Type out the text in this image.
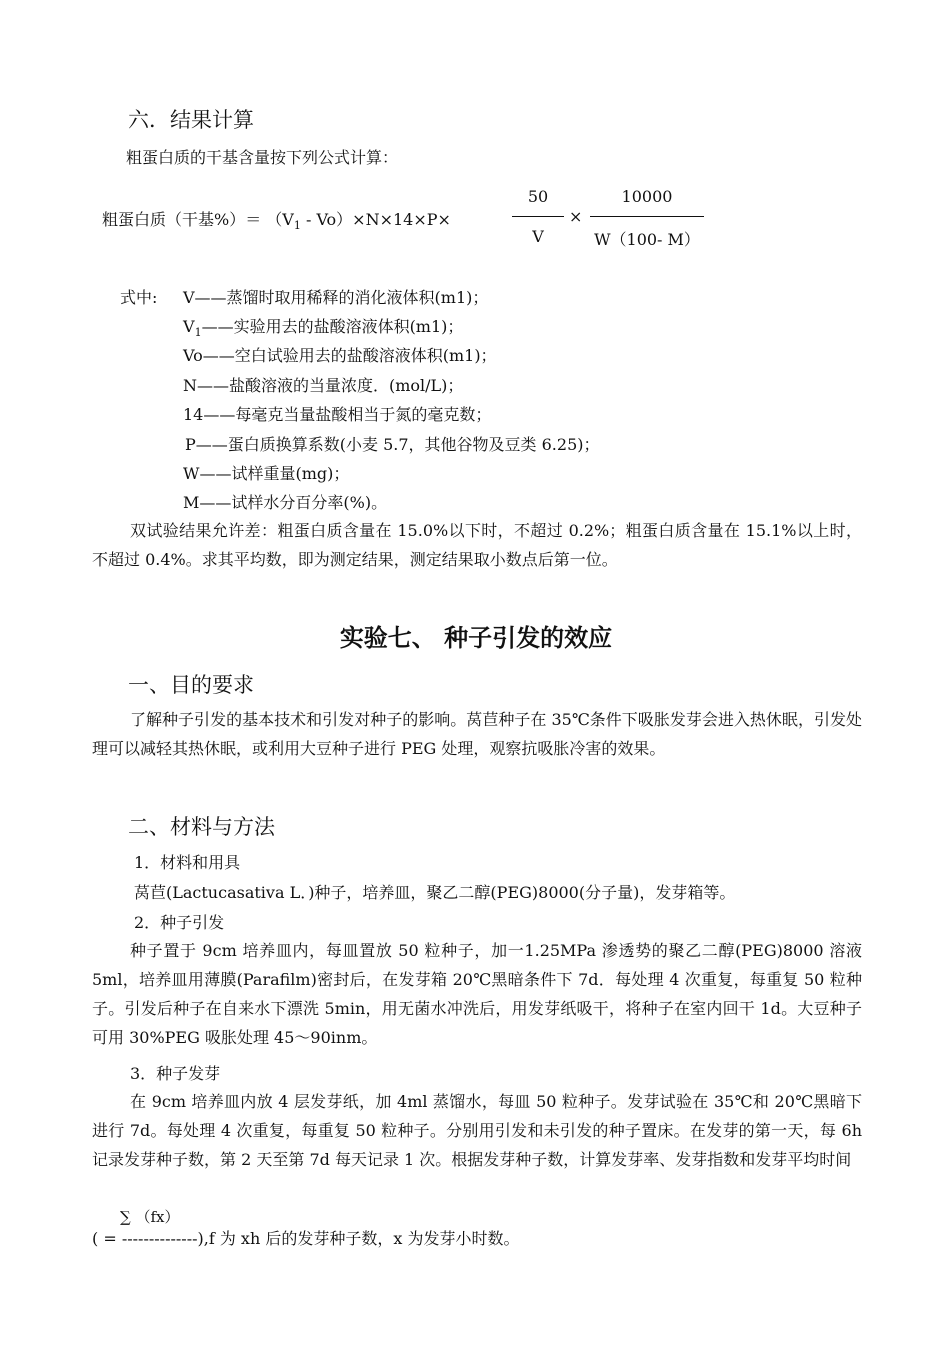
六．结果计算
粗蛋白质的干基含量按下列公式计算：
粗蛋白质（干基%）＝ $(V_1 - Vo)\times N\times 14\times P\times$
50
V
×
10000
W（100- M）
式中: V——蒸馏时取用稀释的消化液体积(m1)；
$V_1——$实验用去的盐酸溶液体积(m1)；
Vo——空白试验用去的盐酸溶液体积(m1)；
N——盐酸溶液的当量浓度．(mol/L)；
14——每毫克当量盐酸相当于氮的毫克数；
P——蛋白质换算系数(小麦 5.7，其他谷物及豆类 6.25)；
W——试样重量(mg)；
M——试样水分百分率(%)。
双试验结果允许差：粗蛋白质含量在 15.0%以下时，不超过 0.2%；粗蛋白质含量在 15.1%以上时，不超过 0.4%。求其平均数，即为测定结果，测定结果取小数点后第一位。
实验七、 种子引发的效应
一、目的要求
了解种子引发的基本技术和引发对种子的影响。莴苣种子在 35℃条件下吸胀发芽会进入热休眠，引发处理可以减轻其热休眠，或利用大豆种子进行 PEG 处理，观察抗吸胀冷害的效果。
二、材料与方法
1．材料和用具
莴苣(Lactucasativa L．)种子，培养皿，聚乙二醇(PEG)8000(分子量)，发芽箱等。
2．种子引发
种子置于 9cm 培养皿内，每皿置放 50 粒种子，加一1.25MPa 渗透势的聚乙二醇(PEG)8000 溶液 5ml，培养皿用薄膜(Parafilm)密封后，在发芽箱 20℃黑暗条件下 7d．每处理 4 次重复，每重复 50 粒种子。引发后种子在自来水下漂洗 5min，用无菌水冲洗后，用发芽纸吸干，将种子在室内回干 1d。大豆种子可用 30%PEG 吸胀处理 45～90inm。
3．种子发芽
在 9cm 培养皿内放 4 层发芽纸，加 4ml 蒸馏水，每皿 50 粒种子。发芽试验在 35℃和 20℃黑暗下进行 7d。每处理 4 次重复，每重复 50 粒种子。分别用引发和未引发的种子置床。在发芽的第一天，每 6h 记录发芽种子数，第 2 天至第 7d 每天记录 1 次。根据发芽种子数，计算发芽率、发芽指数和发芽平均时间
∑ （fx）
( = --------------),f 为 xh 后的发芽种子数，x 为发芽小时数。
